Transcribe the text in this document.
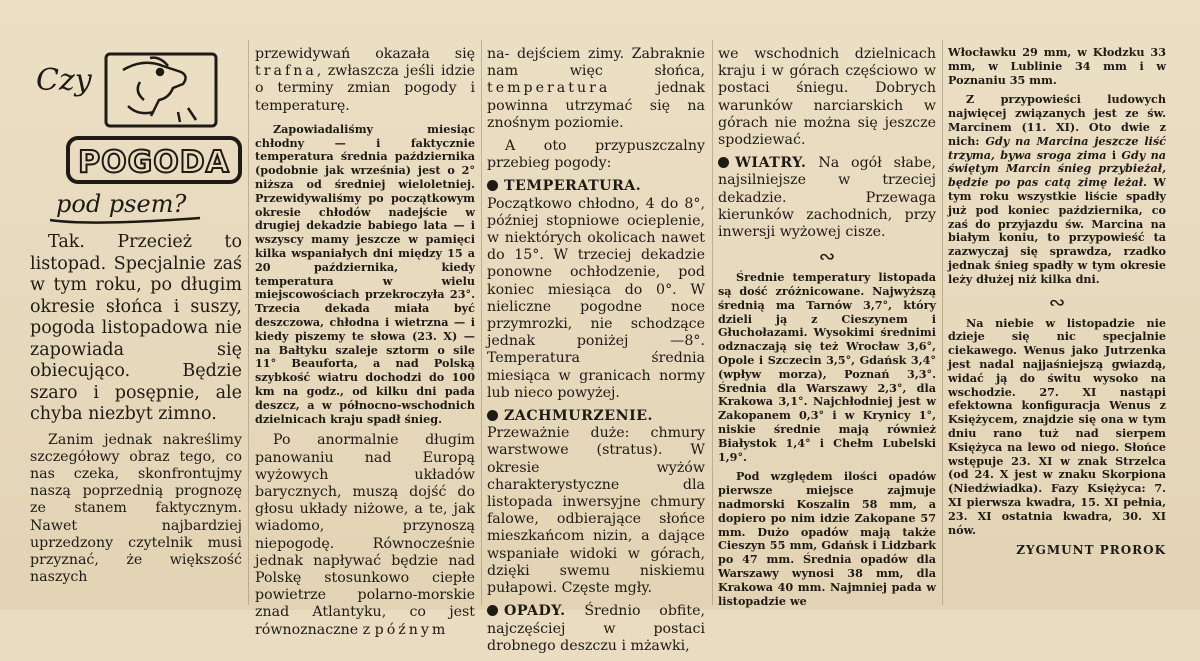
Czy
POGODA
pod psem?

Tak. Przecież to listopad. Specjalnie zaś w tym roku, po długim okresie słońca i suszy, pogoda listopadowa nie zapowiada się obiecująco. Będzie szaro i posępnie, ale chyba niezbyt zimno.

Zanim jednak nakreślimy szczegółowy obraz tego, co nas czeka, skonfrontujmy naszą poprzednią prognozę ze stanem faktycznym. Nawet najbardziej uprzedzony czytelnik musi przyznać, że większość naszych

przewidywań okazała się trafna, zwłaszcza jeśli idzie o terminy zmian pogody i temperaturę.

Zapowiadaliśmy miesiąc chłodny — i faktycznie temperatura średnia października (podobnie jak września) jest o 2° niższa od średniej wieloletniej. Przewidywaliśmy po początkowym okresie chłodów nadejście w drugiej dekadzie babiego lata — i wszyscy mamy jeszcze w pamięci kilka wspaniałych dni między 15 a 20 października, kiedy temperatura w wielu miejscowościach przekroczyła 23°. Trzecia dekada miała być deszczowa, chłodna i wietrzna — i kiedy piszemy te słowa (23. X) — na Bałtyku szaleje sztorm o sile 11° Beauforta, a nad Polską szybkość wiatru dochodzi do 100 km na godz., od kilku dni pada deszcz, a w północno-wschodnich dzielnicach kraju spadł śnieg.

Po anormalnie długim panowaniu nad Europą wyżowych układów barycznych, muszą dojść do głosu układy niżowe, a te, jak wiadomo, przynoszą niepogodę. Równocześnie jednak napływać będzie nad Polskę stosunkowo ciepłe powietrze polarno-morskie znad Atlantyku, co jest równoznaczne z późnym

na- dejściem zimy. Zabraknie nam więc słońca, temperatura	jednak powinna utrzymać się na znośnym poziomie.

A oto przypuszczalny przebieg pogody:

TEMPERATURA. Początkowo chłodno, 4 do 8°, później stopniowe ocieplenie, w niektórych okolicach nawet do 15°. W trzeciej dekadzie ponowne ochłodzenie, pod koniec miesiąca do 0°. W nieliczne pogodne noce przymrozki, nie schodzące jednak poniżej —8°. Temperatura średnia miesiąca w granicach normy lub nieco powyżej.

ZACHMURZENIE. Przeważnie duże: chmury warstwowe (stratus). W okresie wyżów charakterystyczne dla listopada inwersyjne chmury falowe, odbierające słońce mieszkańcom nizin, a dające wspaniałe widoki w górach, dzięki swemu niskiemu pułapowi. Częste mgły.

OPADY. Średnio obfite, najczęściej w postaci drobnego deszczu i mżawki,

we wschodnich dzielnicach kraju i w górach częściowo w postaci śniegu. Dobrych warunków narciarskich w górach nie można się jeszcze spodziewać.

WIATRY. Na ogół słabe, najsilniejsze w trzeciej dekadzie. Przewaga kierunków zachodnich, przy inwersji wyżowej cisze.

∾

Średnie temperatury listopada są dość zróżnicowane. Najwyższą średnią ma Tarnów 3,7°, który dzieli ją z Cieszynem i Głuchołazami. Wysokimi średnimi odznaczają się też Wrocław 3,6°, Opole i Szczecin 3,5°, Gdańsk 3,4° (wpływ morza), Poznań 3,3°. Średnia dla Warszawy 2,3°, dla Krakowa 3,1°. Najchłodniej jest w Zakopanem 0,3° i w Krynicy 1°, niskie średnie mają również Białystok 1,4° i Chełm Lubelski 1,9°.

Pod względem ilości opadów pierwsze miejsce zajmuje nadmorski Koszalin 58 mm, a dopiero po nim idzie Zakopane 57 mm. Dużo opadów mają także Cieszyn 55 mm, Gdańsk i Lidzbark po 47 mm. Średnia opadów dla Warszawy wynosi 38 mm, dla Krakowa 40 mm. Najmniej pada w listopadzie we

Włocławku 29 mm, w Kłodzku 33 mm, w Lublinie 34 mm i w Poznaniu 35 mm.

Z przypowieści ludowych najwięcej związanych jest ze św. Marcinem (11. XI). Oto dwie z nich: Gdy na Marcina jeszcze liść trzyma, bywa sroga zima i Gdy na świętym Marcin śnieg przybieżał, będzie po pas catą zimę leżał. W tym roku wszystkie liście spadły już pod koniec października, co zaś do przyjazdu św. Marcina na białym koniu, to przypowieść ta zazwyczaj się sprawdza, rzadko jednak śnieg spadły w tym okresie leży dłużej niż kilka dni.

∾

Na niebie w listopadzie nie dzieje się nic specjalnie ciekawego. Wenus jako Jutrzenka jest nadal najjaśniejszą gwiazdą, widać ją do świtu wysoko na wschodzie. 27. XI nastąpi efektowna konfiguracja Wenus z Księżycem, znajdzie się ona w tym dniu rano tuż nad sierpem Księżyca na lewo od niego. Słońce wstępuje 23. XI w znak Strzelca (od 24. X jest w znaku Skorpiona (Niedźwiadka). Fazy Księżyca: 7. XI pierwsza kwadra, 15. XI pełnia, 23. XI ostatnia kwadra, 30. XI nów.

ZYGMUNT PROROK
